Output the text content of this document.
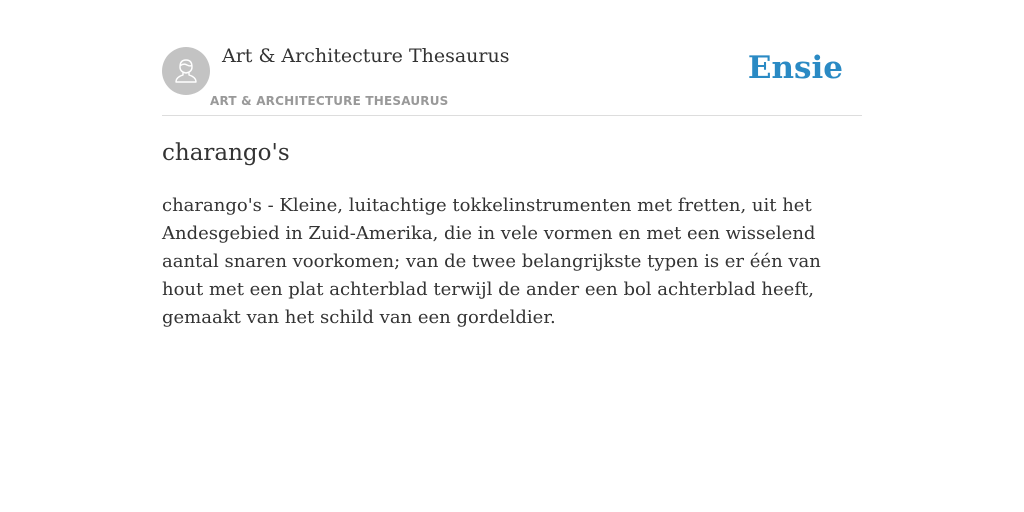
Art & Architecture Thesaurus
ART & ARCHITECTURE THESAURUS
Ensie
charango's

charango's - Kleine, luitachtige tokkelinstrumenten met fretten, uit het Andesgebied in Zuid-Amerika, die in vele vormen en met een wisselend aantal snaren voorkomen; van de twee belangrijkste typen is er één van hout met een plat achterblad terwijl de ander een bol achterblad heeft, gemaakt van het schild van een gordeldier.
